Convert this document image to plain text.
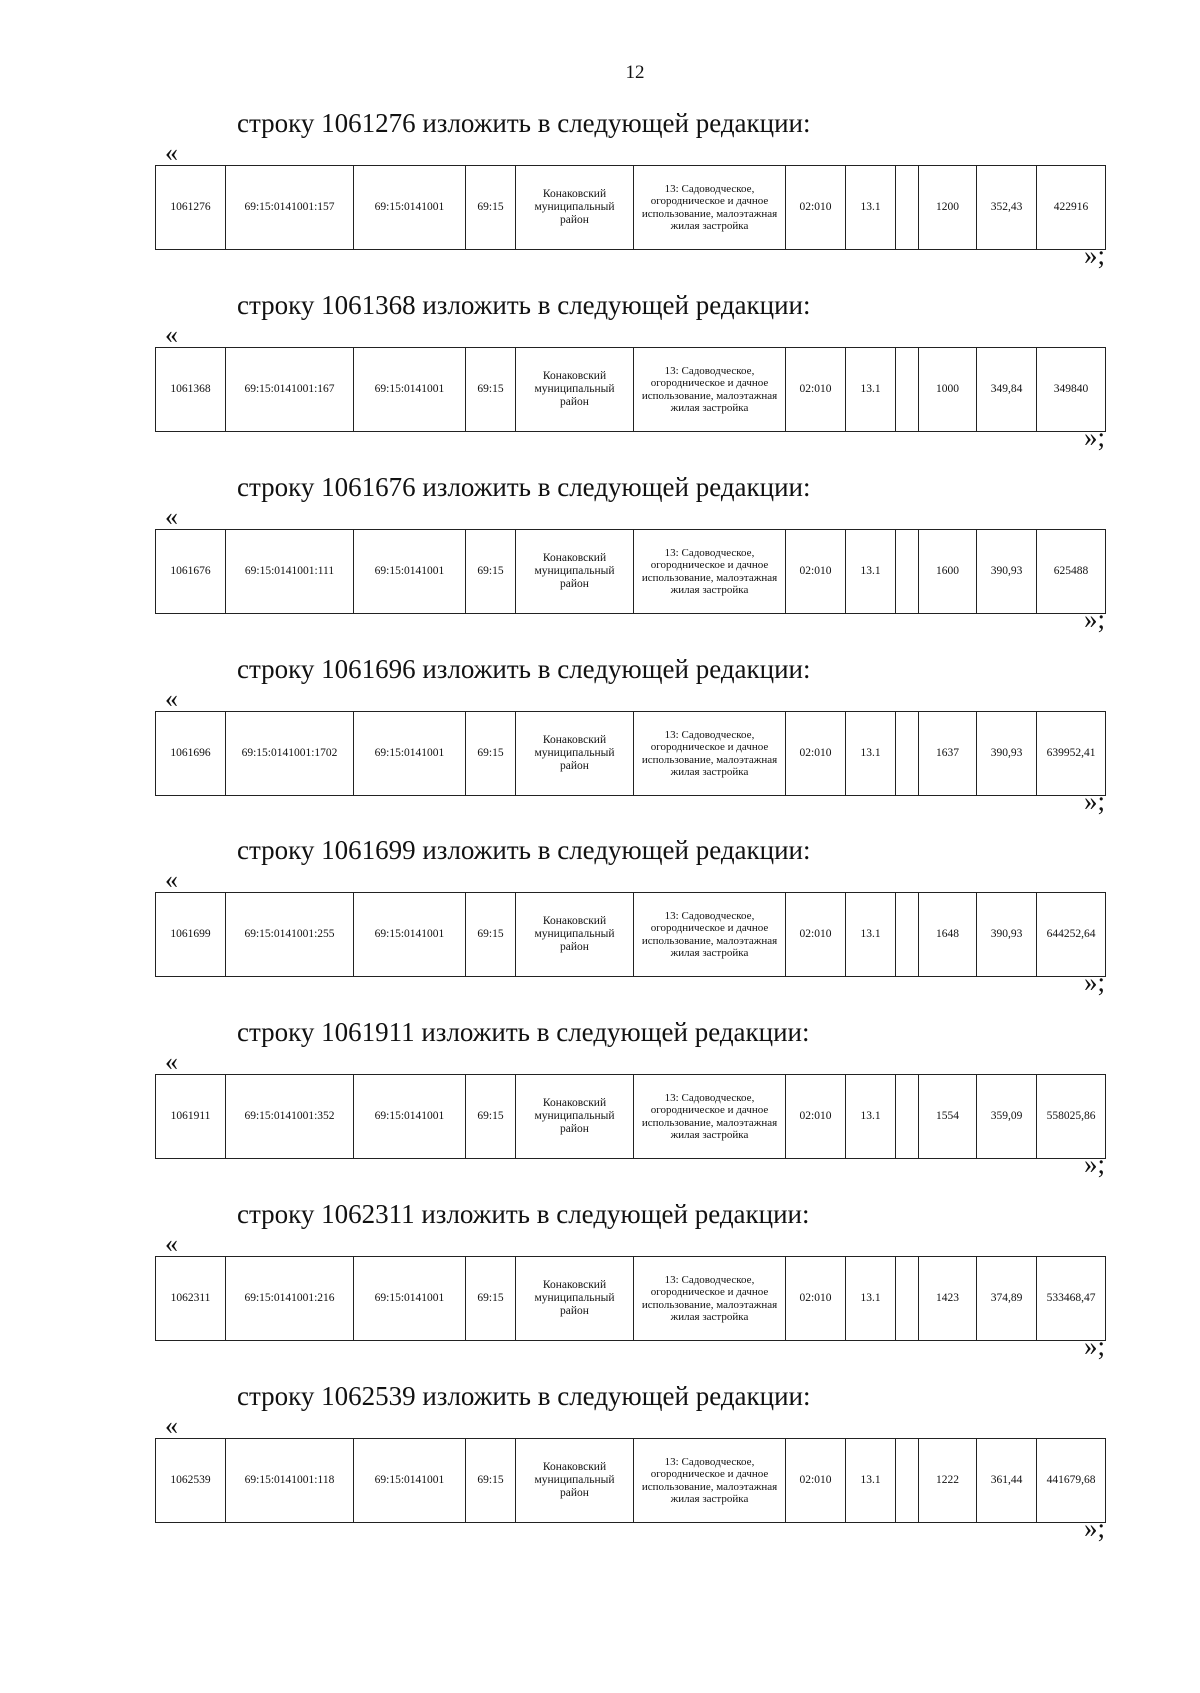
12
строку 1061276 изложить в следующей редакции:
«
1061276	69:15:0141001:157	69:15:0141001	69:15	Конаковский муниципальный район	13: Садоводческое, огородническое и дачное использование, малоэтажная жилая застройка	02:010	13.1		1200	352,43	422916
»;
строку 1061368 изложить в следующей редакции:
«
1061368	69:15:0141001:167	69:15:0141001	69:15	Конаковский муниципальный район	13: Садоводческое, огородническое и дачное использование, малоэтажная жилая застройка	02:010	13.1		1000	349,84	349840
»;
строку 1061676 изложить в следующей редакции:
«
1061676	69:15:0141001:111	69:15:0141001	69:15	Конаковский муниципальный район	13: Садоводческое, огородническое и дачное использование, малоэтажная жилая застройка	02:010	13.1		1600	390,93	625488
»;
строку 1061696 изложить в следующей редакции:
«
1061696	69:15:0141001:1702	69:15:0141001	69:15	Конаковский муниципальный район	13: Садоводческое, огородническое и дачное использование, малоэтажная жилая застройка	02:010	13.1		1637	390,93	639952,41
»;
строку 1061699 изложить в следующей редакции:
«
1061699	69:15:0141001:255	69:15:0141001	69:15	Конаковский муниципальный район	13: Садоводческое, огородническое и дачное использование, малоэтажная жилая застройка	02:010	13.1		1648	390,93	644252,64
»;
строку 1061911 изложить в следующей редакции:
«
1061911	69:15:0141001:352	69:15:0141001	69:15	Конаковский муниципальный район	13: Садоводческое, огородническое и дачное использование, малоэтажная жилая застройка	02:010	13.1		1554	359,09	558025,86
»;
строку 1062311 изложить в следующей редакции:
«
1062311	69:15:0141001:216	69:15:0141001	69:15	Конаковский муниципальный район	13: Садоводческое, огородническое и дачное использование, малоэтажная жилая застройка	02:010	13.1		1423	374,89	533468,47
»;
строку 1062539 изложить в следующей редакции:
«
1062539	69:15:0141001:118	69:15:0141001	69:15	Конаковский муниципальный район	13: Садоводческое, огородническое и дачное использование, малоэтажная жилая застройка	02:010	13.1		1222	361,44	441679,68
»;
